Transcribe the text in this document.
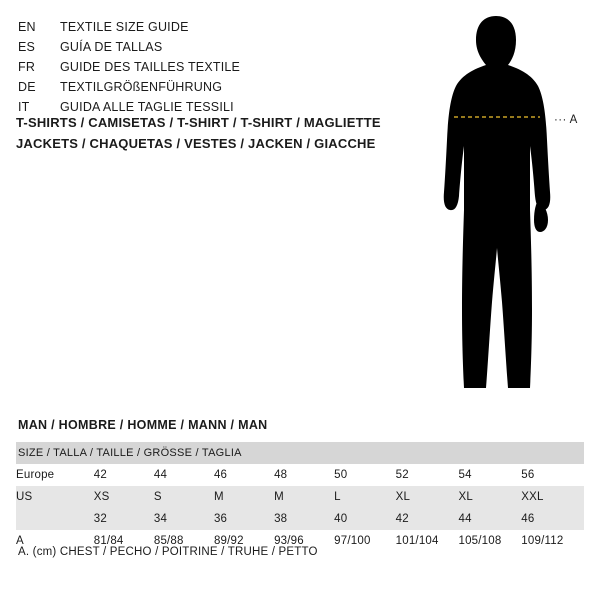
EN	TEXTILE SIZE GUIDE
ES	GUÍA DE TALLAS
FR	GUIDE DES TAILLES TEXTILE
DE	TEXTILGRÖßENFÜHRUNG
IT	GUIDA ALLE TAGLIE TESSILI
T-SHIRTS / CAMISETAS / T-SHIRT / T-SHIRT / MAGLIETTE
JACKETS / CHAQUETAS / VESTES / JACKEN / GIACCHE
··· A
MAN / HOMBRE / HOMME / MANN / MAN
SIZE / TALLA / TAILLE / GRÖSSE / TAGLIA								
Europe	42	44	46	48	50	52	54	56
US	XS	S	M	M	L	XL	XL	XXL
	32	34	36	38	40	42	44	46
A	81/84	85/88	89/92	93/96	97/100	101/104	105/108	109/112
A. (cm) CHEST / PECHO / POITRINE / TRUHE / PETTO
